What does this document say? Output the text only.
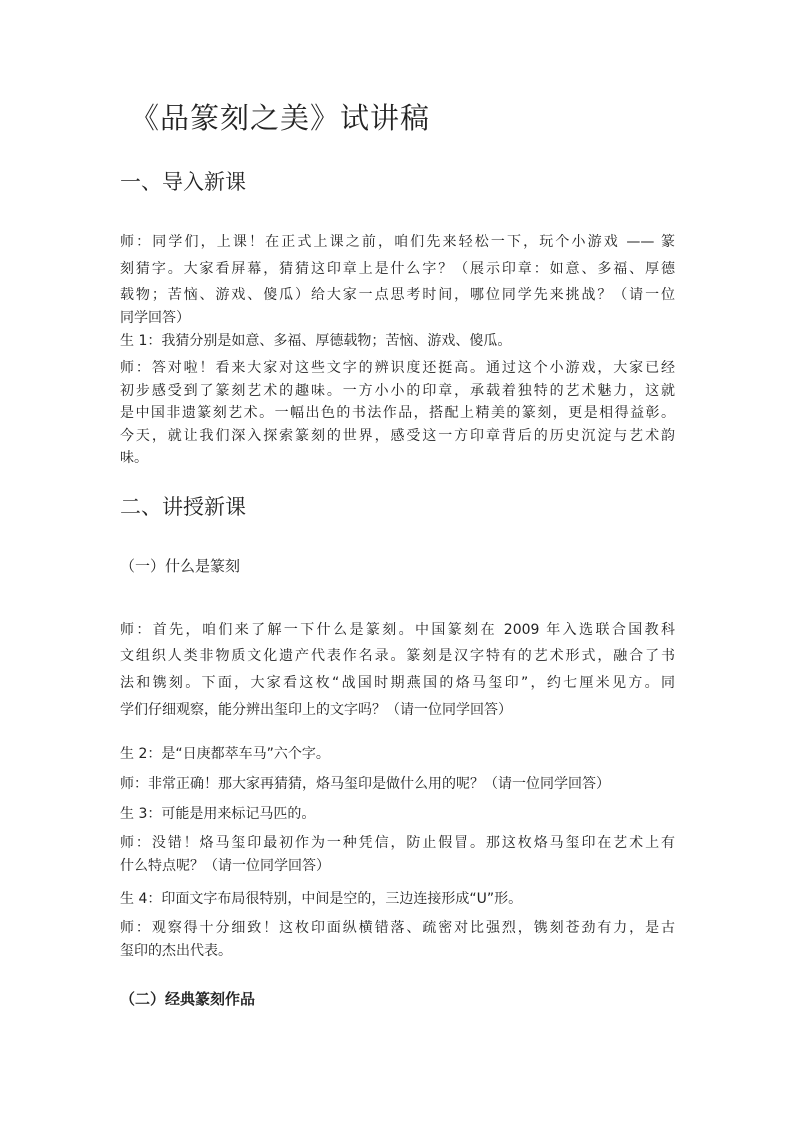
《品篆刻之美》试讲稿
一、导入新课
师：同学们，上课！在正式上课之前，咱们先来轻松一下，玩个小游戏 —— 篆
刻猜字。大家看屏幕，猜猜这印章上是什么字？（展示印章：如意、多福、厚德
载物；苦恼、游戏、傻瓜）给大家一点思考时间，哪位同学先来挑战？（请一位
同学回答）

生 1：我猜分别是如意、多福、厚德载物；苦恼、游戏、傻瓜。

师：答对啦！看来大家对这些文字的辨识度还挺高。通过这个小游戏，大家已经
初步感受到了篆刻艺术的趣味。一方小小的印章，承载着独特的艺术魅力，这就
是中国非遗篆刻艺术。一幅出色的书法作品，搭配上精美的篆刻，更是相得益彰。
今天，就让我们深入探索篆刻的世界，感受这一方印章背后的历史沉淀与艺术韵
味。
二、讲授新课

（一）什么是篆刻

师：首先，咱们来了解一下什么是篆刻。中国篆刻在 2009 年入选联合国教科
文组织人类非物质文化遗产代表作名录。篆刻是汉字特有的艺术形式，融合了书
法和镌刻。下面，大家看这枚“战国时期燕国的烙马玺印”，约七厘米见方。同
学们仔细观察，能分辨出玺印上的文字吗？（请一位同学回答）

生 2：是“日庚都萃车马”六个字。

师：非常正确！那大家再猜猜，烙马玺印是做什么用的呢？（请一位同学回答）

生 3：可能是用来标记马匹的。

师：没错！烙马玺印最初作为一种凭信，防止假冒。那这枚烙马玺印在艺术上有
什么特点呢？（请一位同学回答）

生 4：印面文字布局很特别，中间是空的，三边连接形成“U”形。

师：观察得十分细致！这枚印面纵横错落、疏密对比强烈，镌刻苍劲有力，是古
玺印的杰出代表。

（二）经典篆刻作品
